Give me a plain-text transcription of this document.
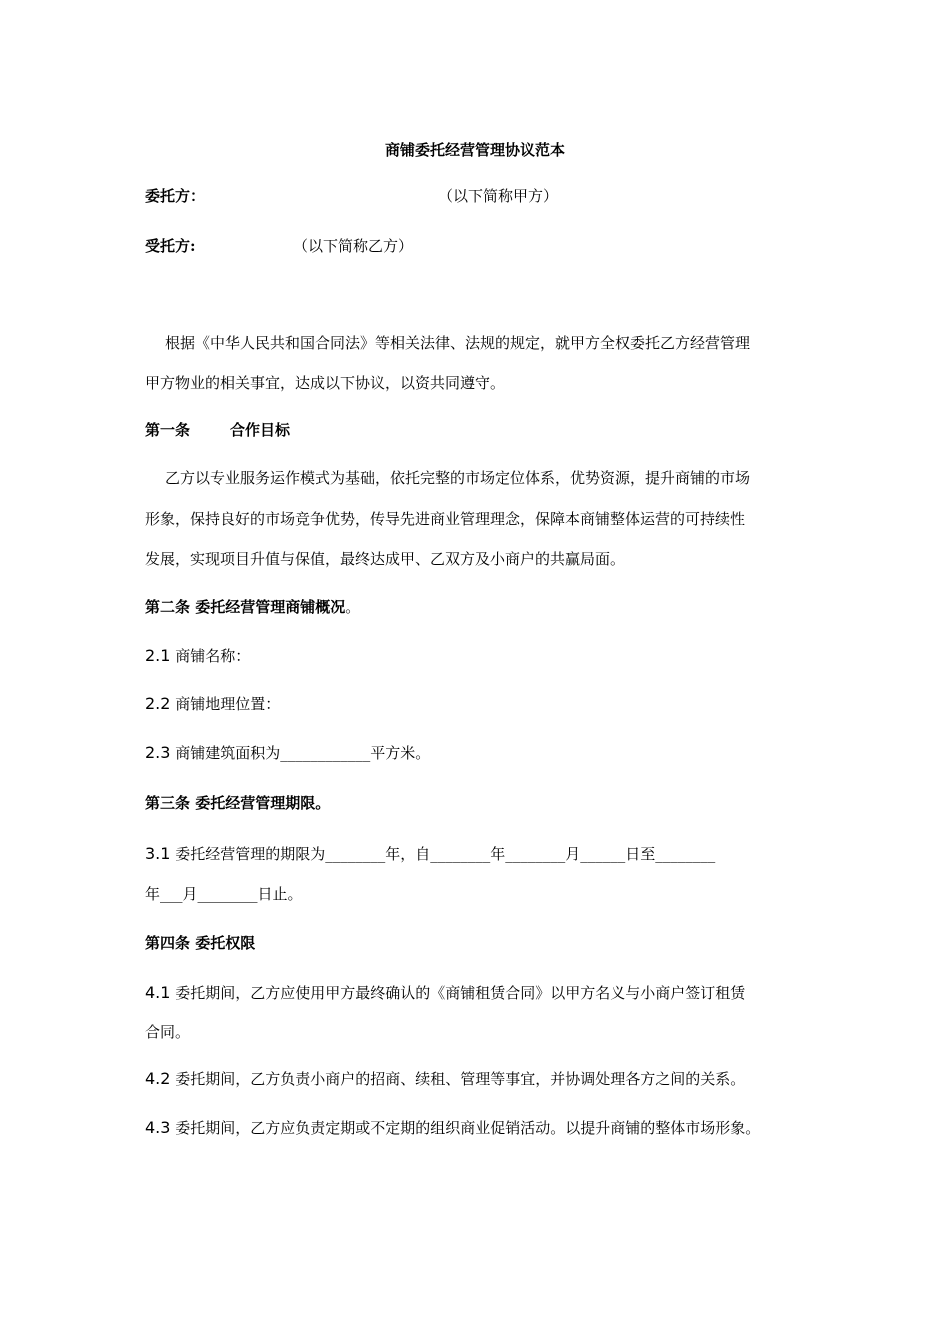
商铺委托经营管理协议范本
委托方：	（以下简称甲方）
受托方:	（以下简称乙方）
根据《中华人民共和国合同法》等相关法律、法规的规定，就甲方全权委托乙方经营管理
甲方物业的相关事宜，达成以下协议，以资共同遵守。
第一条	合作目标
乙方以专业服务运作模式为基础，依托完整的市场定位体系，优势资源，提升商铺的市场
形象，保持良好的市场竞争优势，传导先进商业管理理念，保障本商铺整体运营的可持续性
发展，实现项目升值与保值，最终达成甲、乙双方及小商户的共赢局面。
第二条 委托经营管理商铺概况。
2.1 商铺名称：
2.2 商铺地理位置：
2.3 商铺建筑面积为____________平方米。
第三条 委托经营管理期限。
3.1 委托经营管理的期限为________年，自________年________月______日至________
年___月________日止。
第四条 委托权限
4.1 委托期间，乙方应使用甲方最终确认的《商铺租赁合同》以甲方名义与小商户签订租赁
合同。
4.2 委托期间，乙方负责小商户的招商、续租、管理等事宜，并协调处理各方之间的关系。
4.3 委托期间，乙方应负责定期或不定期的组织商业促销活动。以提升商铺的整体市场形象。
